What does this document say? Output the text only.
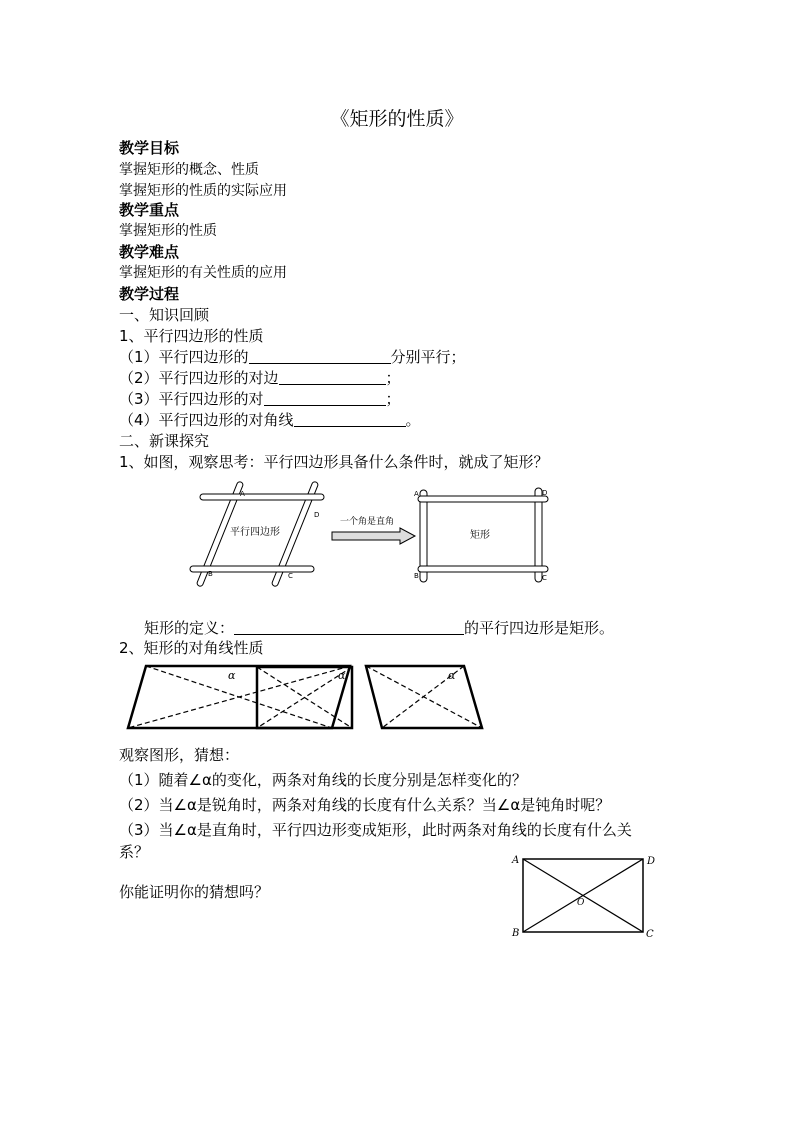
《矩形的性质》
教学目标
掌握矩形的概念、性质
掌握矩形的性质的实际应用
教学重点
掌握矩形的性质
教学难点
掌握矩形的有关性质的应用
教学过程
一、知识回顾
1、平行四边形的性质
（1）平行四边形的	分别平行；
（2）平行四边形的对边	；
（3）平行四边形的对	；
（4）平行四边形的对角线	。
二、新课探究
1、如图，观察思考：平行四边形具备什么条件时，就成了矩形？
A
D
B	C
平行四边形
一个角是直角
A	D
B	C
矩形
矩形的定义：	的平行四边形是矩形。
2、矩形的对角线性质
α	α	α
观察图形，猜想：
（1）随着∠α的变化，两条对角线的长度分别是怎样变化的？
（2）当∠α是锐角时，两条对角线的长度有什么关系？当∠α是钝角时呢？
（3）当∠α是直角时，平行四边形变成矩形，此时两条对角线的长度有什么关
系？
你能证明你的猜想吗？
A	D
B	C
O
